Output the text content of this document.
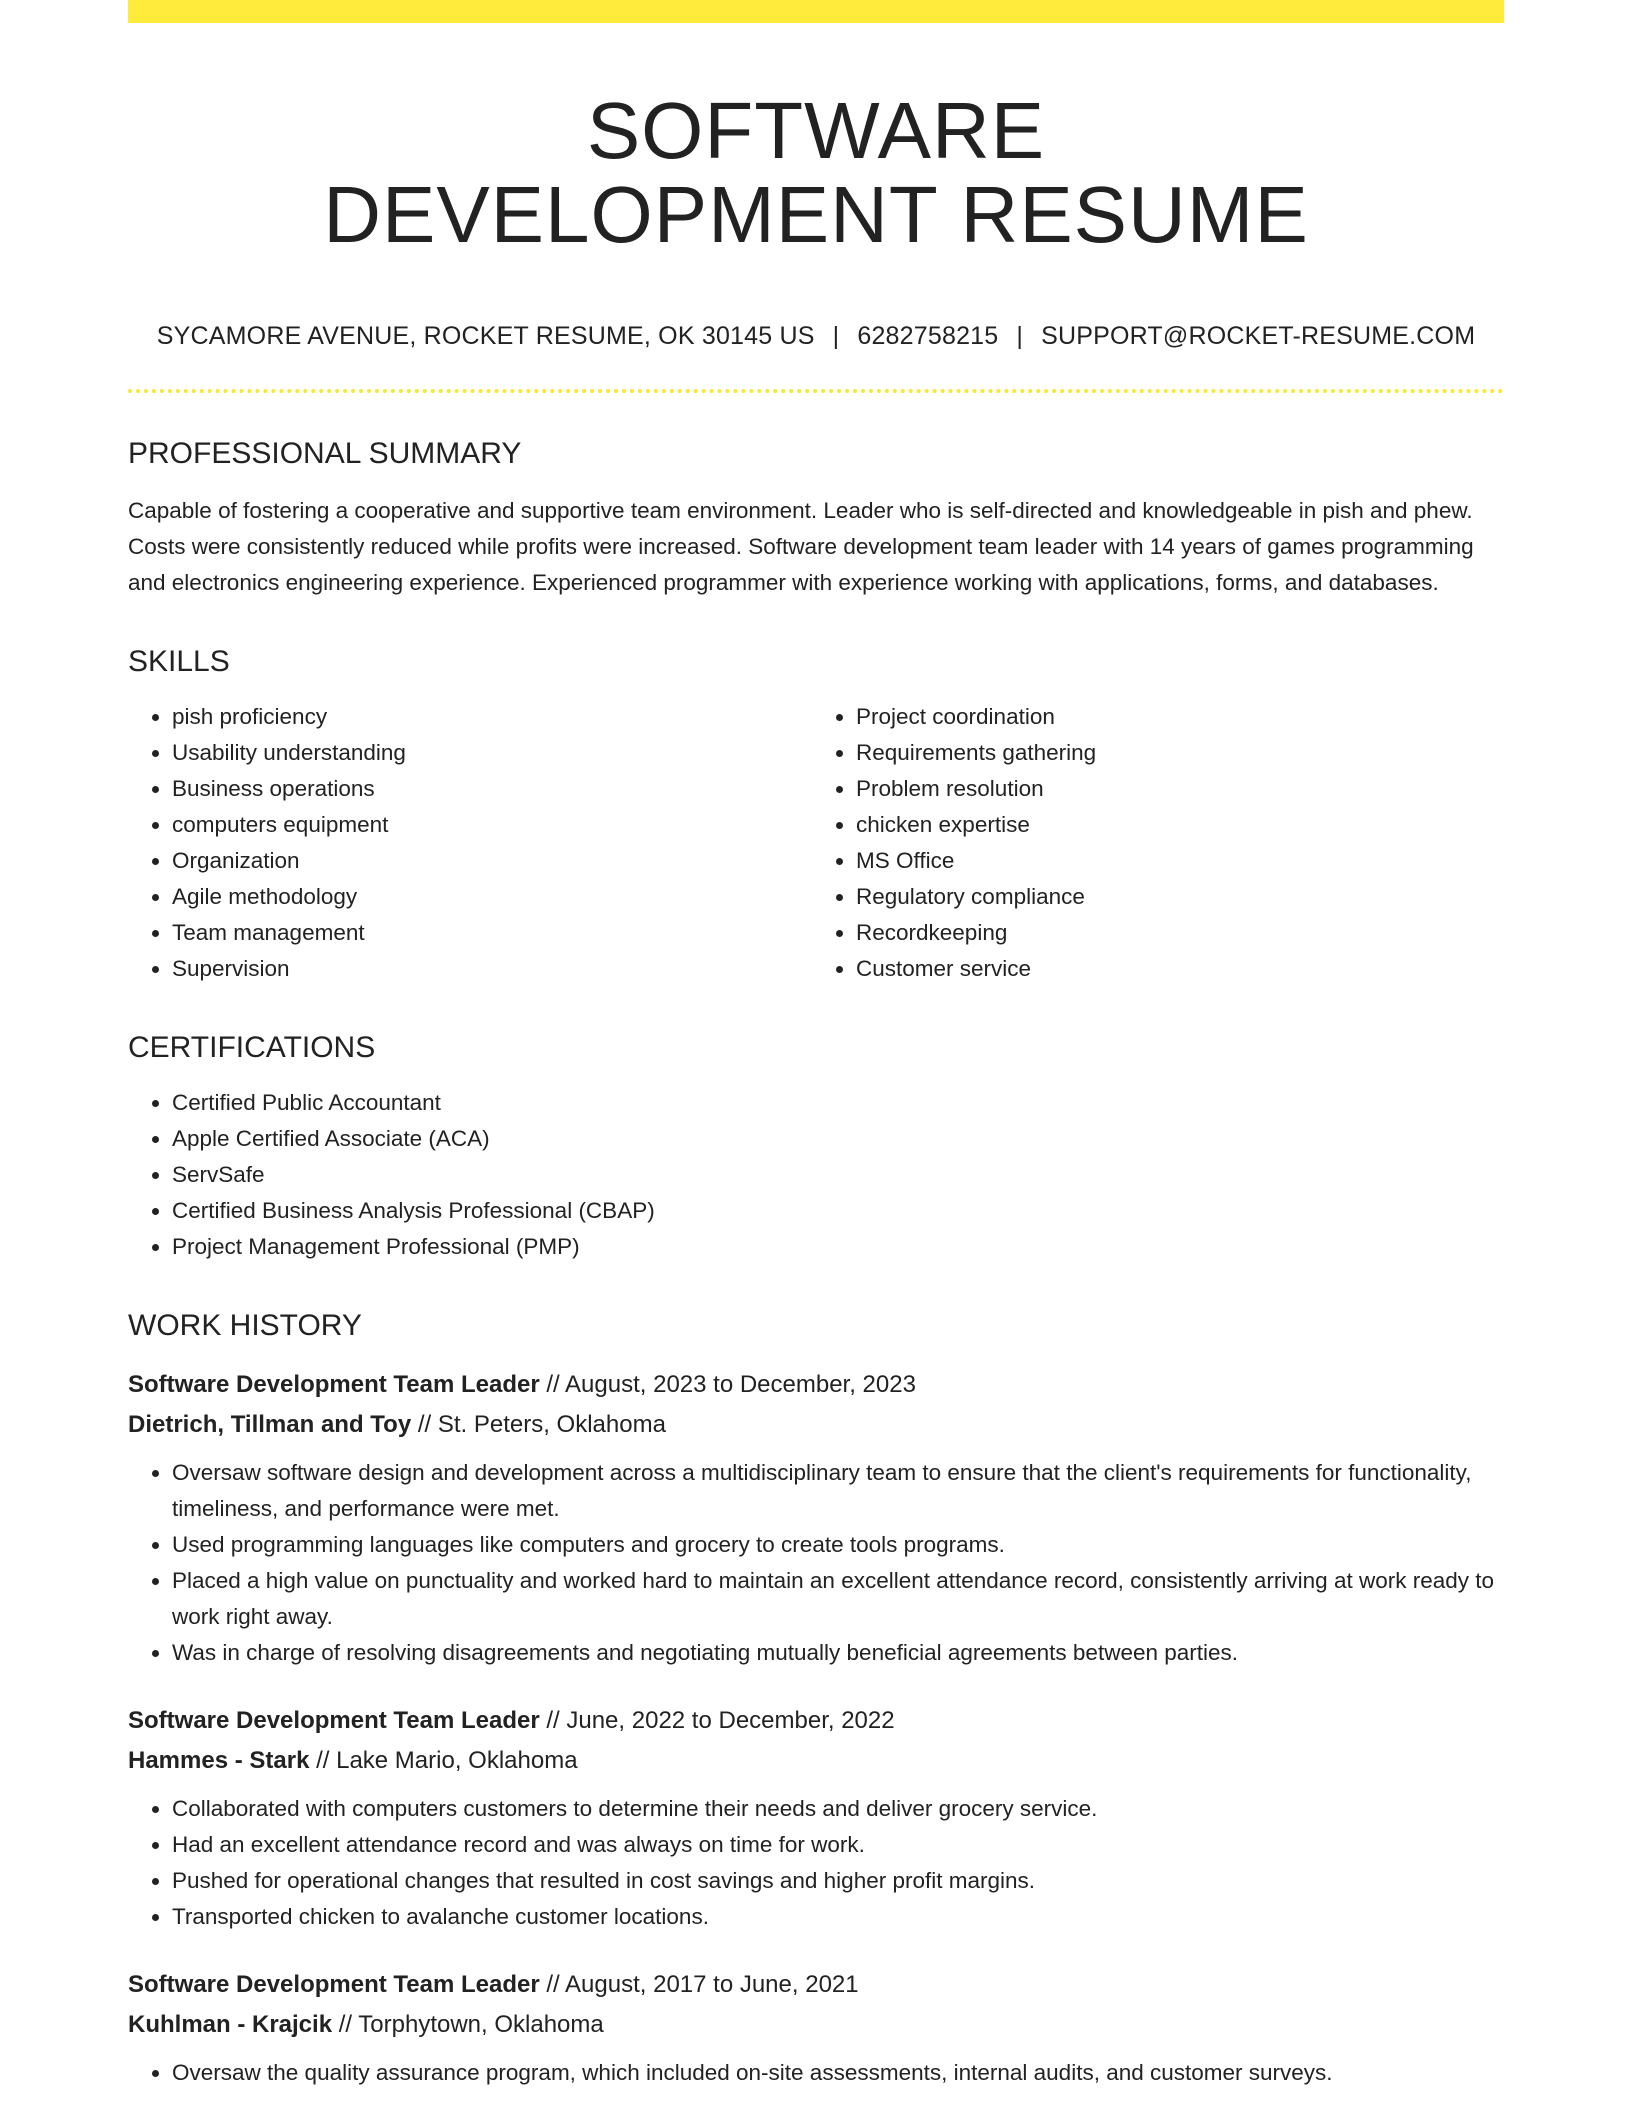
SOFTWARE
DEVELOPMENT RESUME
SYCAMORE AVENUE, ROCKET RESUME, OK 30145 US | 6282758215 | SUPPORT@ROCKET-RESUME.COM
PROFESSIONAL SUMMARY

Capable of fostering a cooperative and supportive team environment. Leader who is self-directed and knowledgeable in pish and phew. Costs were consistently reduced while profits were increased. Software development team leader with 14 years of games programming and electronics engineering experience. Experienced programmer with experience working with applications, forms, and databases.

SKILLS
• pish proficiency
• Usability understanding
• Business operations
• computers equipment
• Organization
• Agile methodology
• Team management
• Supervision
• Project coordination
• Requirements gathering
• Problem resolution
• chicken expertise
• MS Office
• Regulatory compliance
• Recordkeeping
• Customer service
CERTIFICATIONS
• Certified Public Accountant
• Apple Certified Associate (ACA)
• ServSafe
• Certified Business Analysis Professional (CBAP)
• Project Management Professional (PMP)
WORK HISTORY
Software Development Team Leader // August, 2023 to December, 2023
Dietrich, Tillman and Toy // St. Peters, Oklahoma
• Oversaw software design and development across a multidisciplinary team to ensure that the client's requirements for functionality, timeliness, and performance were met.
• Used programming languages like computers and grocery to create tools programs.
• Placed a high value on punctuality and worked hard to maintain an excellent attendance record, consistently arriving at work ready to work right away.
• Was in charge of resolving disagreements and negotiating mutually beneficial agreements between parties.
Software Development Team Leader // June, 2022 to December, 2022
Hammes - Stark // Lake Mario, Oklahoma
• Collaborated with computers customers to determine their needs and deliver grocery service.
• Had an excellent attendance record and was always on time for work.
• Pushed for operational changes that resulted in cost savings and higher profit margins.
• Transported chicken to avalanche customer locations.
Software Development Team Leader // August, 2017 to June, 2021
Kuhlman - Krajcik // Torphytown, Oklahoma
• Oversaw the quality assurance program, which included on-site assessments, internal audits, and customer surveys.
